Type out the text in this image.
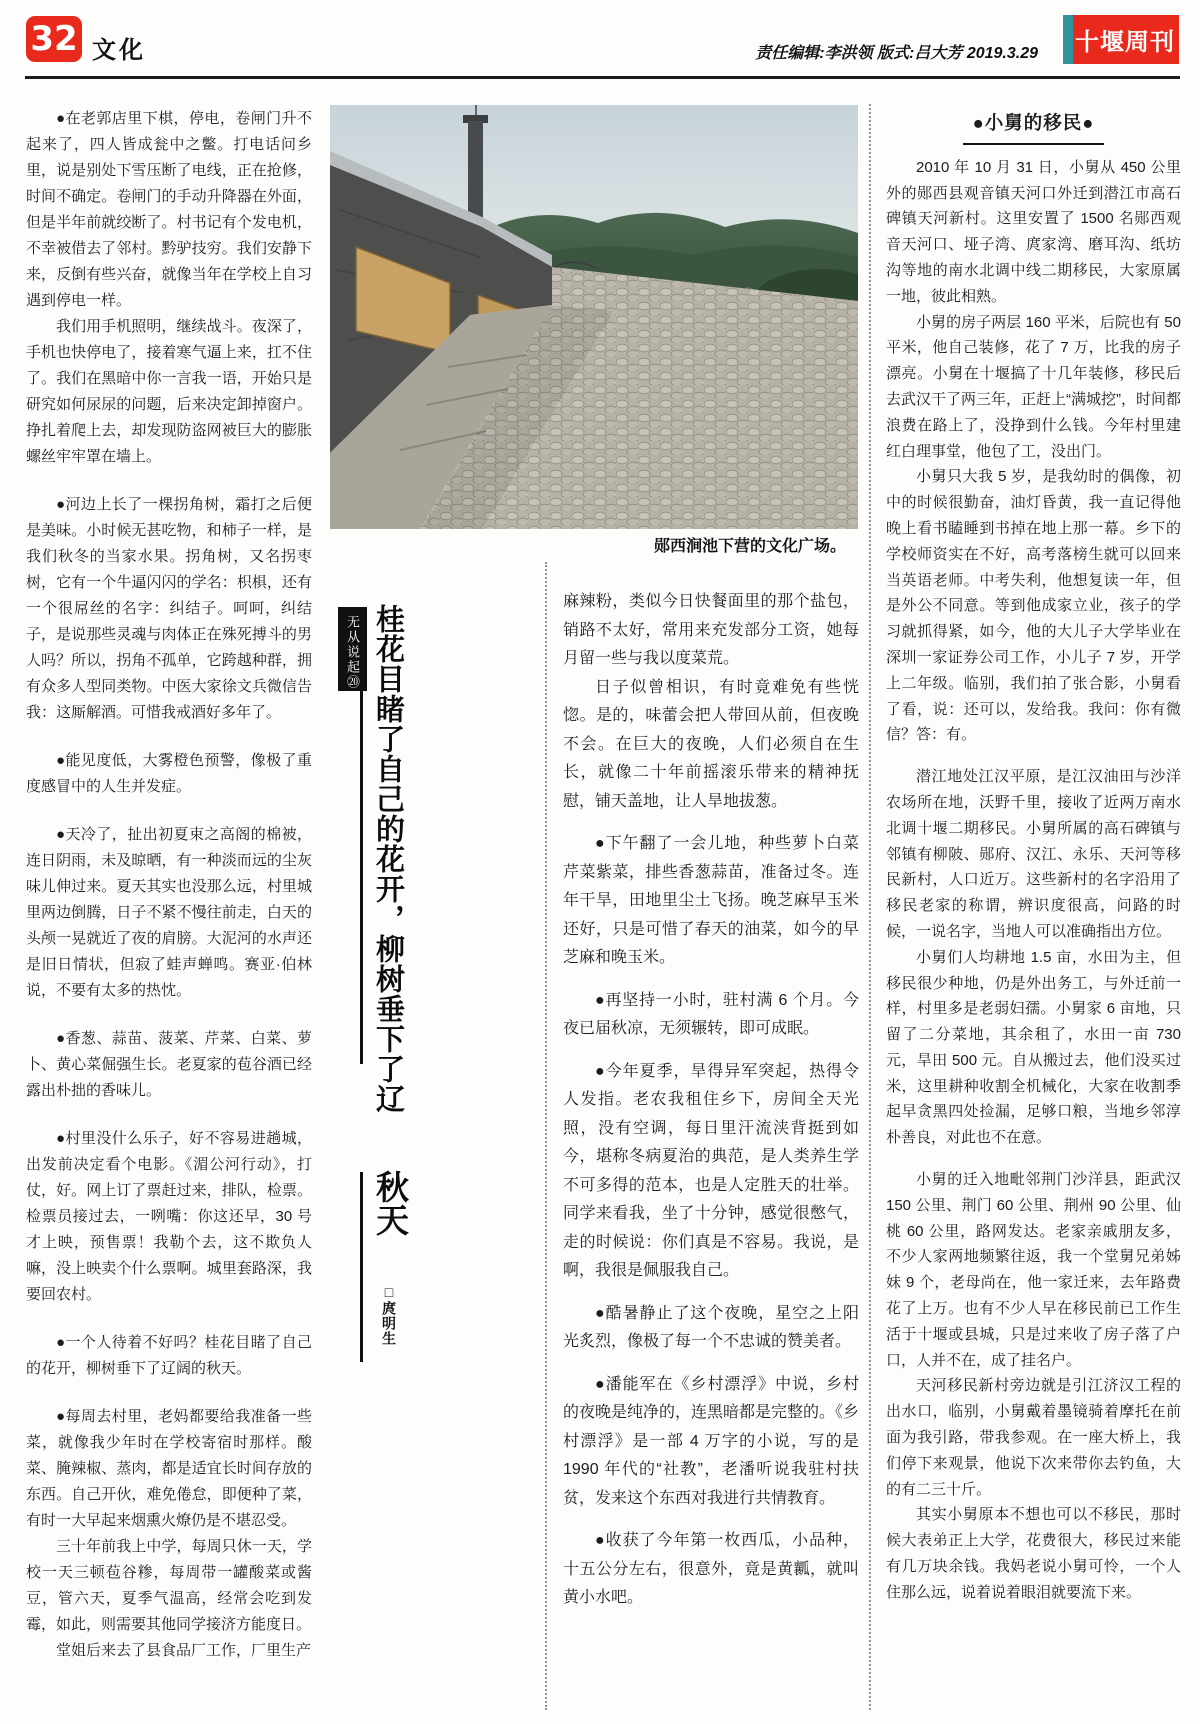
32 文化	责任编辑:李洪领 版式:吕大芳 2019.3.29	十堰周刊
郧西涧池下营的文化广场。
无从说起⑳ 桂花目睹了自己的花开，柳树垂下了辽
秋天
□庹明生

●在老郭店里下棋，停电，卷闸门升不起来了，四人皆成瓮中之鳖。打电话问乡里，说是别处下雪压断了电线，正在抢修，时间不确定。卷闸门的手动升降器在外面，但是半年前就绞断了。村书记有个发电机，不幸被借去了邻村。黔驴技穷。我们安静下来，反倒有些兴奋，就像当年在学校上自习遇到停电一样。

我们用手机照明，继续战斗。夜深了，手机也快停电了，接着寒气逼上来，扛不住了。我们在黑暗中你一言我一语，开始只是研究如何尿尿的问题，后来决定卸掉窗户。挣扎着爬上去，却发现防盗网被巨大的膨胀螺丝牢牢罩在墙上。

●河边上长了一棵拐角树，霜打之后便是美味。小时候无甚吃物，和柿子一样，是我们秋冬的当家水果。拐角树，又名拐枣树，它有一个牛逼闪闪的学名：枳椇，还有一个很屌丝的名字：纠结子。呵呵，纠结子，是说那些灵魂与肉体正在殊死搏斗的男人吗？所以，拐角不孤单，它跨越种群，拥有众多人型同类物。中医大家徐文兵微信告我：这厮解酒。可惜我戒酒好多年了。

●能见度低，大雾橙色预警，像极了重度感冒中的人生并发症。

●天冷了，扯出初夏束之高阁的棉被，连日阴雨，未及晾晒，有一种淡而远的尘灰味儿伸过来。夏天其实也没那么远，村里城里两边倒腾，日子不紧不慢往前走，白天的头颅一晃就近了夜的肩膀。大泥河的水声还是旧日情状，但寂了蛙声蝉鸣。赛亚·伯林说，不要有太多的热忱。

●香葱、蒜苗、菠菜、芹菜、白菜、萝卜、黄心菜倔强生长。老夏家的苞谷酒已经露出朴拙的香味儿。

●村里没什么乐子，好不容易进趟城，出发前决定看个电影。《湄公河行动》，打仗，好。网上订了票赶过来，排队，检票。检票员接过去，一咧嘴：你这还早，30 号才上映，预售票！我勒个去，这不欺负人嘛，没上映卖个什么票啊。城里套路深，我要回农村。

●一个人待着不好吗？桂花目睹了自己的花开，柳树垂下了辽阔的秋天。

●每周去村里，老妈都要给我准备一些菜，就像我少年时在学校寄宿时那样。酸菜、腌辣椒、蒸肉，都是适宜长时间存放的东西。自己开伙，难免倦怠，即便种了菜，有时一大早起来烟熏火燎仍是不堪忍受。

三十年前我上中学，每周只休一天，学校一天三顿苞谷糁，每周带一罐酸菜或酱豆，管六天，夏季气温高，经常会吃到发霉，如此，则需要其他同学接济方能度日。

堂姐后来去了县食品厂工作，厂里生产

麻辣粉，类似今日快餐面里的那个盐包，销路不太好，常用来充发部分工资，她每月留一些与我以度菜荒。

日子似曾相识，有时竟难免有些恍惚。是的，味蕾会把人带回从前，但夜晚不会。在巨大的夜晚，人们必须自在生长，就像二十年前摇滚乐带来的精神抚慰，铺天盖地，让人旱地拔葱。

●下午翻了一会儿地，种些萝卜白菜芹菜紫菜，排些香葱蒜苗，准备过冬。连年干旱，田地里尘土飞扬。晚芝麻早玉米还好，只是可惜了春天的油菜，如今的早芝麻和晚玉米。

●再坚持一小时，驻村满 6 个月。今夜已届秋凉，无须辗转，即可成眠。

●今年夏季，旱得异军突起，热得令人发指。老农我租住乡下，房间全天光照，没有空调，每日里汗流浃背挺到如今，堪称冬病夏治的典范，是人类养生学不可多得的范本，也是人定胜天的壮举。同学来看我，坐了十分钟，感觉很憋气，走的时候说：你们真是不容易。我说，是啊，我很是佩服我自己。

●酷暑静止了这个夜晚，星空之上阳光炙烈，像极了每一个不忠诚的赞美者。

●潘能军在《乡村漂浮》中说，乡村的夜晚是纯净的，连黑暗都是完整的。《乡村漂浮》是一部 4 万字的小说，写的是 1990 年代的“社教”，老潘听说我驻村扶贫，发来这个东西对我进行共情教育。

●收获了今年第一枚西瓜，小品种，十五公分左右，很意外，竟是黄瓤，就叫黄小水吧。

●小舅的移民●

2010 年 10 月 31 日，小舅从 450 公里外的郧西县观音镇天河口外迁到潜江市高石碑镇天河新村。这里安置了 1500 名郧西观音天河口、垭子湾、庹家湾、磨耳沟、纸坊沟等地的南水北调中线二期移民，大家原属一地，彼此相熟。

小舅的房子两层 160 平米，后院也有 50 平米，他自己装修，花了 7 万，比我的房子漂亮。小舅在十堰搞了十几年装修，移民后去武汉干了两三年，正赶上“满城挖”，时间都浪费在路上了，没挣到什么钱。今年村里建红白理事堂，他包了工，没出门。

小舅只大我 5 岁，是我幼时的偶像，初中的时候很勤奋，油灯昏黄，我一直记得他晚上看书瞌睡到书掉在地上那一幕。乡下的学校师资实在不好，高考落榜生就可以回来当英语老师。中考失利，他想复读一年，但是外公不同意。等到他成家立业，孩子的学习就抓得紧，如今，他的大儿子大学毕业在深圳一家证券公司工作，小儿子 7 岁，开学上二年级。临别，我们拍了张合影，小舅看了看，说：还可以，发给我。我问：你有微信？答：有。

潜江地处江汉平原，是江汉油田与沙洋农场所在地，沃野千里，接收了近两万南水北调十堰二期移民。小舅所属的高石碑镇与邻镇有柳陂、郧府、汉江、永乐、天河等移民新村，人口近万。这些新村的名字沿用了移民老家的称谓，辨识度很高，问路的时候，一说名字，当地人可以准确指出方位。

小舅们人均耕地 1.5 亩，水田为主，但移民很少种地，仍是外出务工，与外迁前一样，村里多是老弱妇孺。小舅家 6 亩地，只留了二分菜地，其余租了，水田一亩 730 元，旱田 500 元。自从搬过去，他们没买过米，这里耕种收割全机械化，大家在收割季起早贪黑四处捡漏，足够口粮，当地乡邻淳朴善良，对此也不在意。

小舅的迁入地毗邻荆门沙洋县，距武汉 150 公里、荆门 60 公里、荆州 90 公里、仙桃 60 公里，路网发达。老家亲戚朋友多，不少人家两地频繁往返，我一个堂舅兄弟姊妹 9 个，老母尚在，他一家迁来，去年路费花了上万。也有不少人早在移民前已工作生活于十堰或县城，只是过来收了房子落了户口，人并不在，成了挂名户。

天河移民新村旁边就是引江济汉工程的出水口，临别，小舅戴着墨镜骑着摩托在前面为我引路，带我参观。在一座大桥上，我们停下来观景，他说下次来带你去钓鱼，大的有二三十斤。

其实小舅原本不想也可以不移民，那时候大表弟正上大学，花费很大，移民过来能有几万块余钱。我妈老说小舅可怜，一个人住那么远，说着说着眼泪就要流下来。
